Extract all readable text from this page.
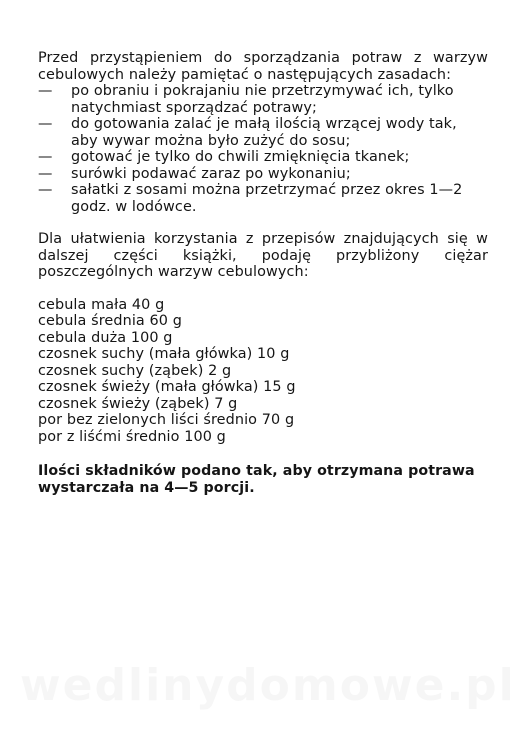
Przed przystąpieniem do sporządzania potraw z warzyw cebulowych należy pamiętać o następujących zasadach:

— po obraniu i pokrajaniu nie przetrzymywać ich, tylko natychmiast sporządzać potrawy;
— do gotowania zalać je małą ilością wrzącej wody tak, aby wywar można było zużyć do sosu;
— gotować je tylko do chwili zmięknięcia tkanek;
— surówki podawać zaraz po wykonaniu;
— sałatki z sosami można przetrzymać przez okres 1—2 godz. w lodówce.

Dla ułatwienia korzystania z przepisów znajdujących się w dalszej części książki, podaję przybliżony ciężar poszczególnych warzyw cebulowych:

cebula mała 40 g
cebula średnia 60 g
cebula duża 100 g
czosnek suchy (mała główka) 10 g
czosnek suchy (ząbek) 2 g
czosnek świeży (mała główka) 15 g
czosnek świeży (ząbek) 7 g
por bez zielonych liści średnio 70 g
por z liśćmi średnio 100 g

Ilości składników podano tak, aby otrzymana potrawa wystarczała na 4—5 porcji.
